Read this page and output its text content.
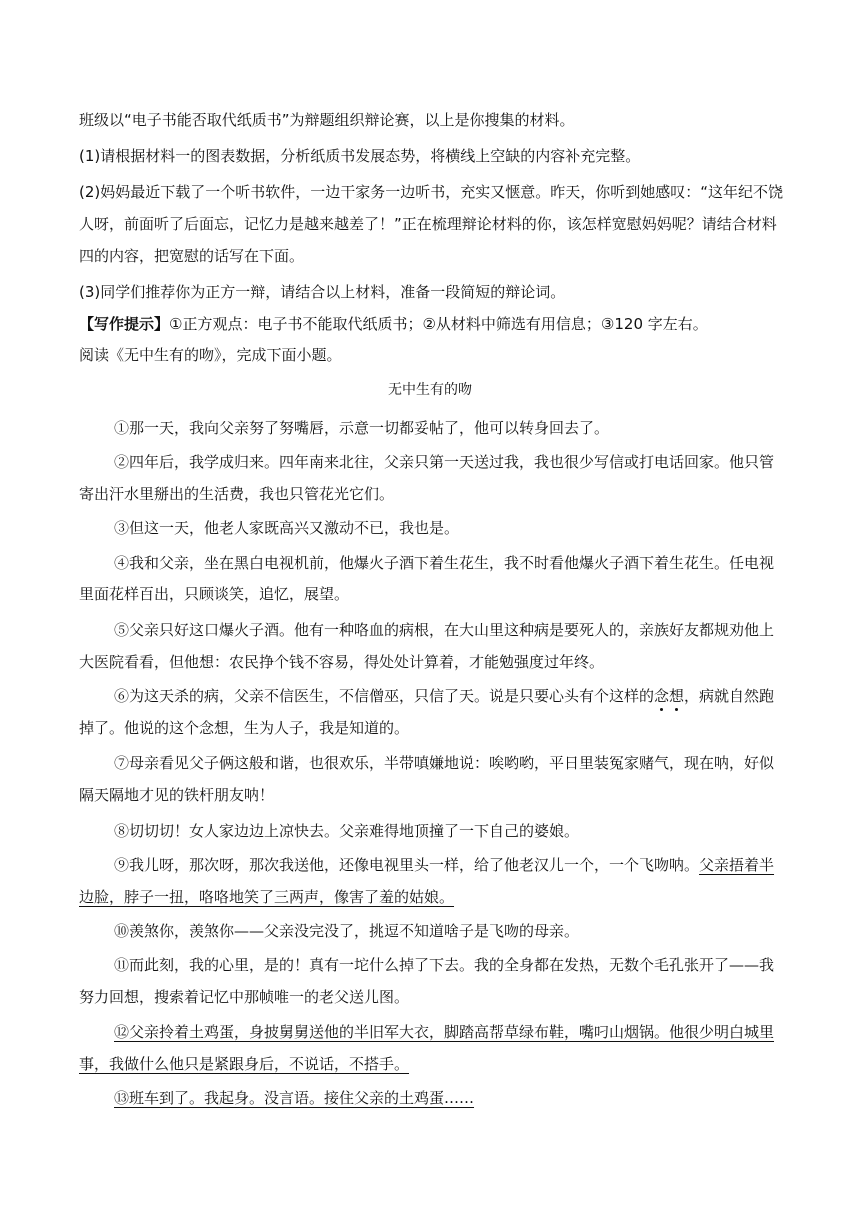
班级以“电子书能否取代纸质书”为辩题组织辩论赛，以上是你搜集的材料。
(1)请根据材料一的图表数据，分析纸质书发展态势，将横线上空缺的内容补充完整。
(2)妈妈最近下载了一个听书软件，一边干家务一边听书，充实又惬意。昨天，你听到她感叹：“这年纪不饶
人呀，前面听了后面忘，记忆力是越来越差了！”正在梳理辩论材料的你，该怎样宽慰妈妈呢？请结合材料
四的内容，把宽慰的话写在下面。
(3)同学们推荐你为正方一辩，请结合以上材料，准备一段简短的辩论词。
【写作提示】①正方观点：电子书不能取代纸质书；②从材料中筛选有用信息；③120 字左右。
阅读《无中生有的吻》，完成下面小题。
无中生有的吻
①那一天，我向父亲努了努嘴唇，示意一切都妥帖了，他可以转身回去了。
②四年后，我学成归来。四年南来北往，父亲只第一天送过我，我也很少写信或打电话回家。他只管
寄出汗水里掰出的生活费，我也只管花光它们。
③但这一天，他老人家既高兴又激动不已，我也是。
④我和父亲，坐在黑白电视机前，他爆火子酒下着生花生，我不时看他爆火子酒下着生花生。任电视
里面花样百出，只顾谈笑，追忆，展望。
⑤父亲只好这口爆火子酒。他有一种咯血的病根，在大山里这种病是要死人的，亲族好友都规劝他上
大医院看看，但他想：农民挣个钱不容易，得处处计算着，才能勉强度过年终。
⑥为这天杀的病，父亲不信医生，不信僧巫，只信了天。说是只要心头有个这样的念想，病就自然跑
掉了。他说的这个念想，生为人子，我是知道的。
⑦母亲看见父子俩这般和谐，也很欢乐，半带嗔嫌地说：唉哟哟，平日里装冤家赌气，现在呐，好似
隔天隔地才见的铁杆朋友呐！
⑧切切切！女人家边边上凉快去。父亲难得地顶撞了一下自己的婆娘。
⑨我儿呀，那次呀，那次我送他，还像电视里头一样，给了他老汉儿一个，一个飞吻呐。父亲捂着半
边脸，脖子一扭，咯咯地笑了三两声，像害了羞的姑娘。
⑩羡煞你，羡煞你——父亲没完没了，挑逗不知道啥子是飞吻的母亲。
⑪而此刻，我的心里，是的！真有一坨什么掉了下去。我的全身都在发热，无数个毛孔张开了——我
努力回想，搜索着记忆中那帧唯一的老父送儿图。
⑫父亲拎着土鸡蛋，身披舅舅送他的半旧军大衣，脚踏高帮草绿布鞋，嘴叼山烟锅。他很少明白城里
事，我做什么他只是紧跟身后，不说话，不搭手。
⑬班车到了。我起身。没言语。接住父亲的土鸡蛋……
